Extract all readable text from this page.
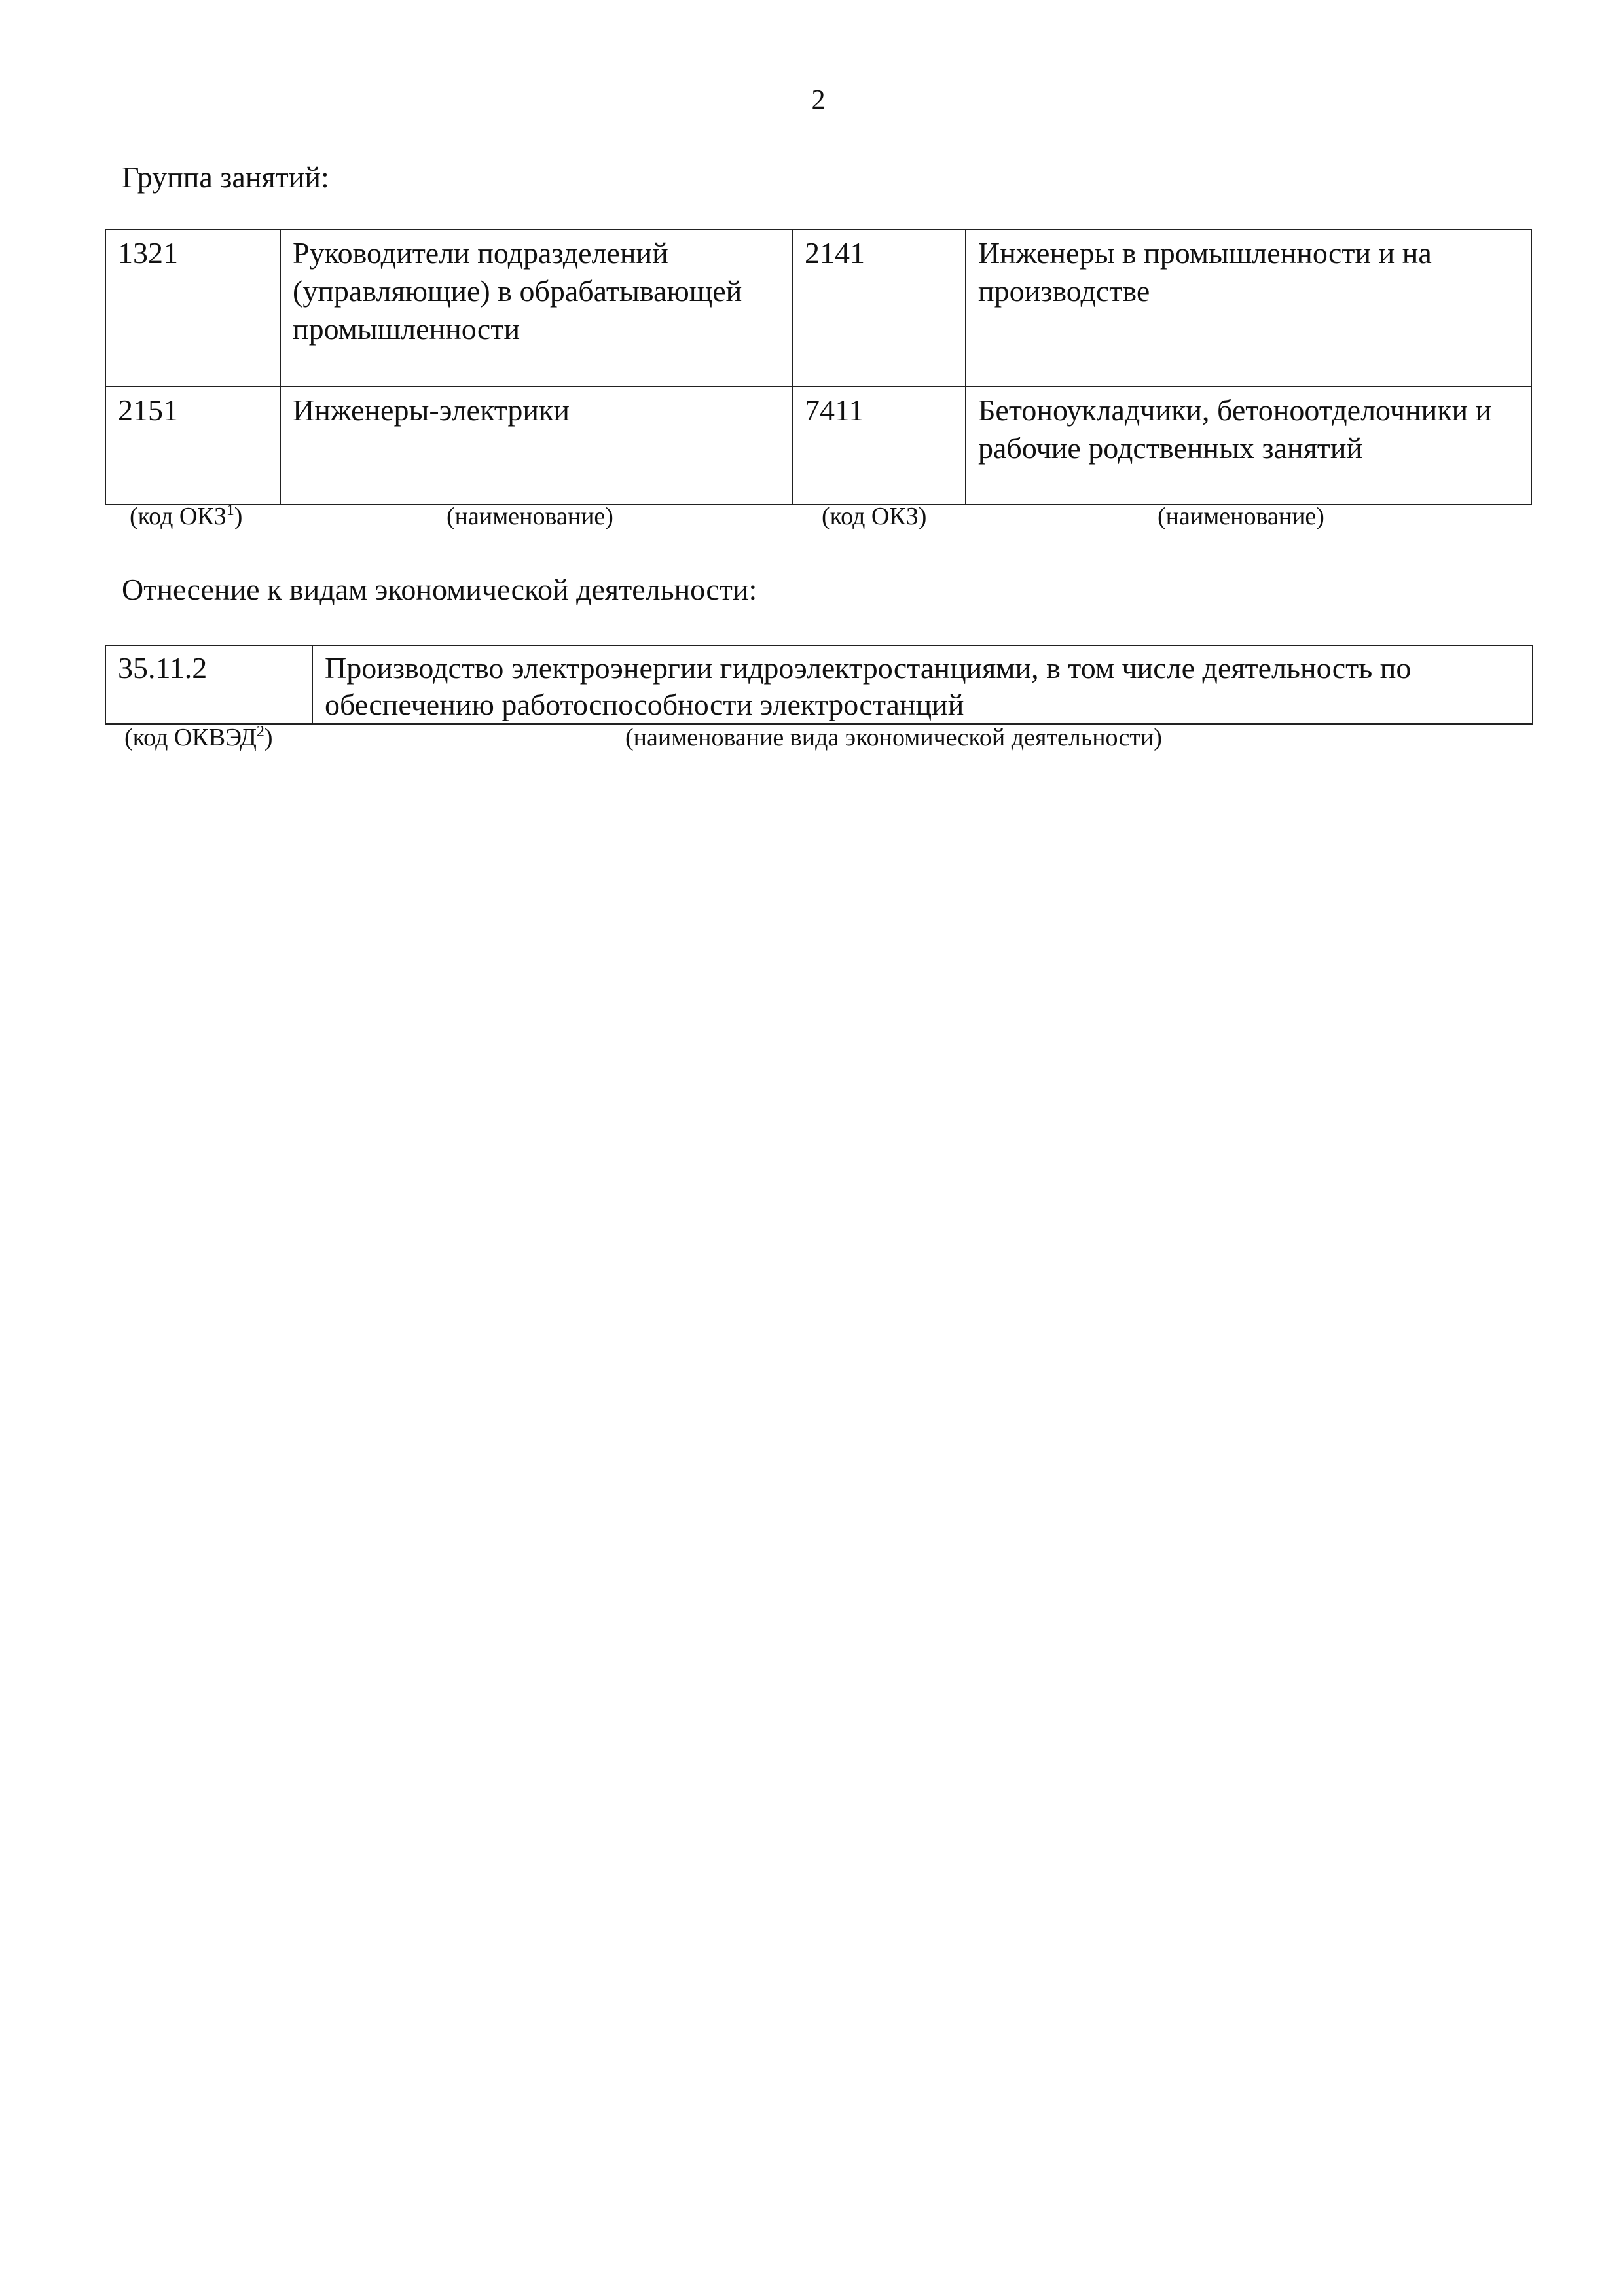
2
Группа занятий:
1321	Руководители подразделений (управляющие) в обрабатывающей промышленности	2141	Инженеры в промышленности и на производстве
2151	Инженеры-электрики	7411	Бетоноукладчики, бетоноотделочники и рабочие родственных занятий
(код ОКЗ$^1$)	(наименование)	(код ОКЗ)	(наименование)
Отнесение к видам экономической деятельности:
35.11.2	Производство электроэнергии гидроэлектростанциями, в том числе деятельность по обеспечению работоспособности электростанций
(код ОКВЭД$^2$)	(наименование вида экономической деятельности)
